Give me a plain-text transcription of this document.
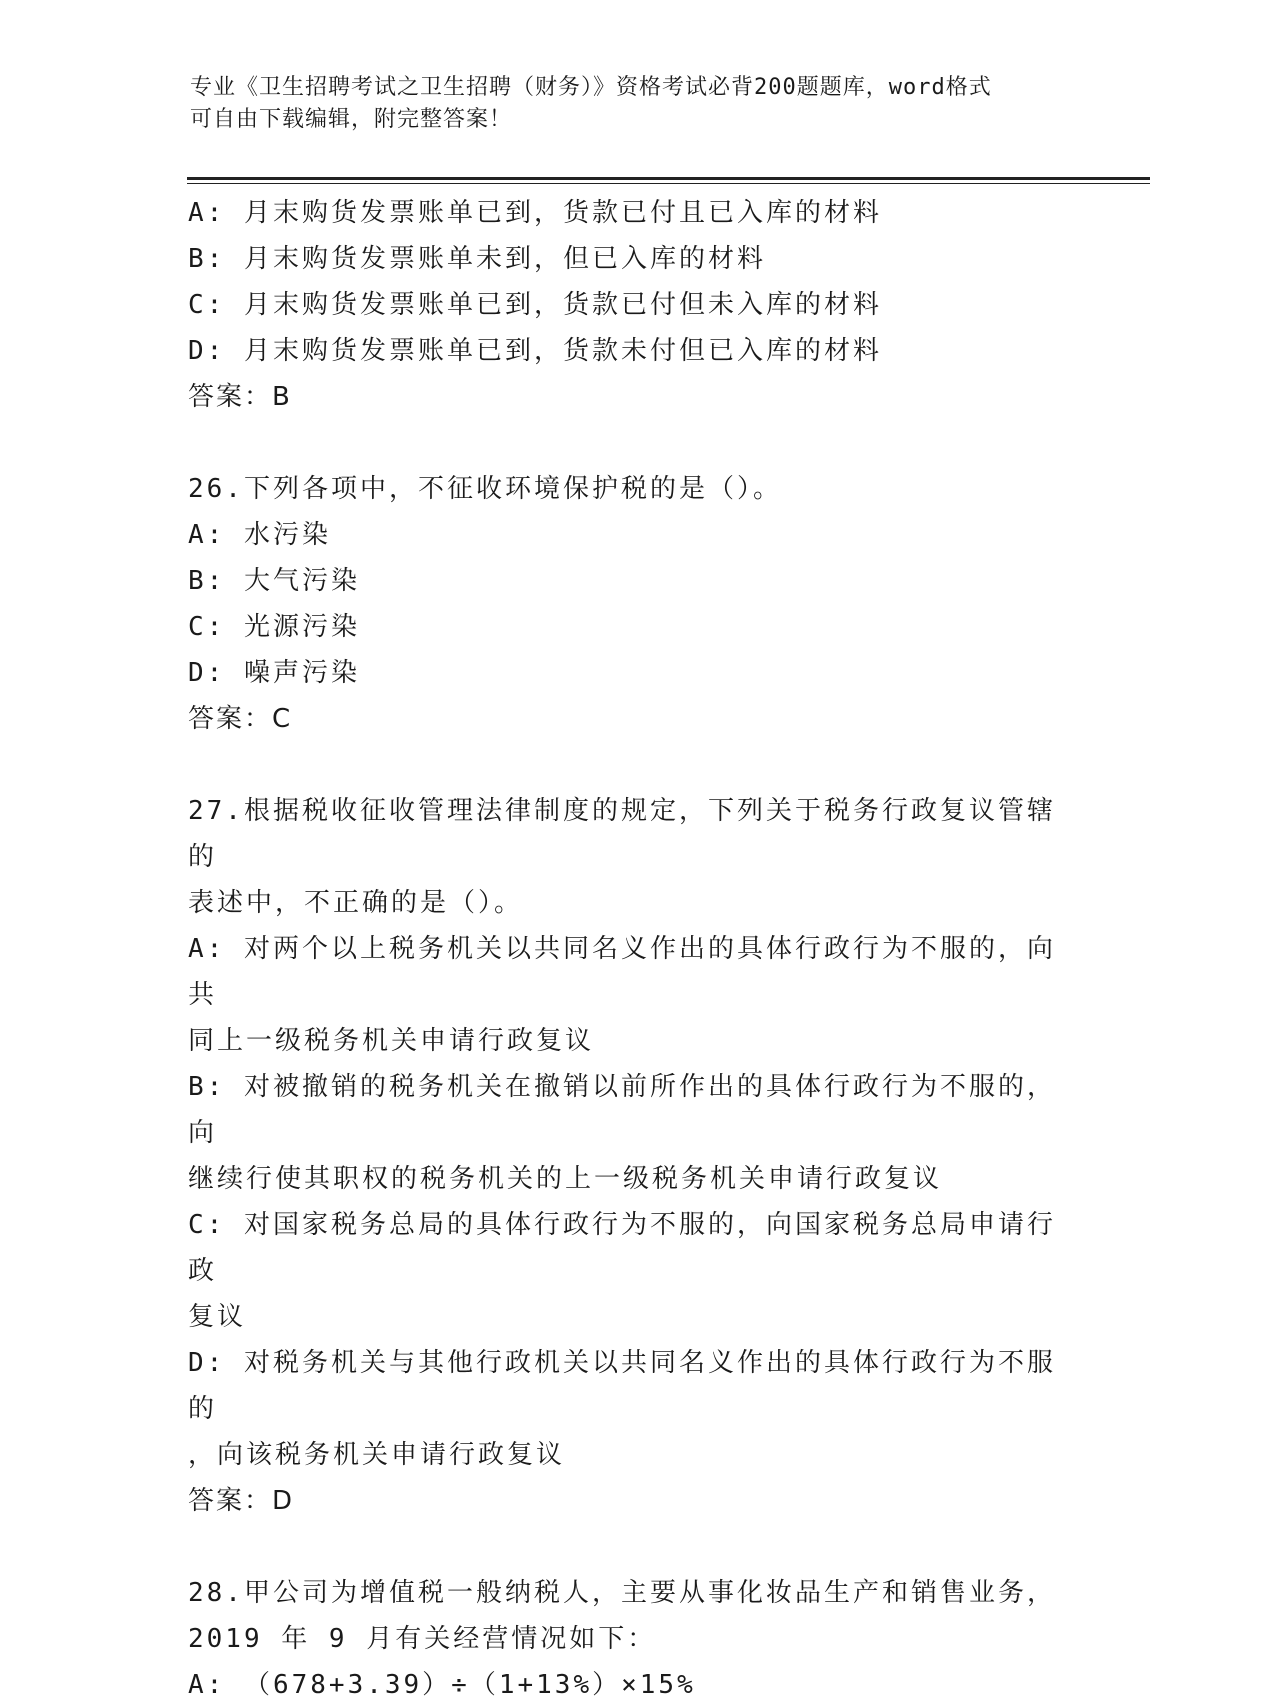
专业《卫生招聘考试之卫生招聘（财务）》资格考试必背200题题库，word格式
可自由下载编辑，附完整答案！
A: 月末购货发票账单已到，货款已付且已入库的材料
B: 月末购货发票账单未到，但已入库的材料
C: 月末购货发票账单已到，货款已付但未入库的材料
D: 月末购货发票账单已到，货款未付但已入库的材料
答案：B
26.下列各项中，不征收环境保护税的是（）。
A: 水污染
B: 大气污染
C: 光源污染
D: 噪声污染
答案：C
27.根据税收征收管理法律制度的规定，下列关于税务行政复议管辖的
表述中，不正确的是（）。
A: 对两个以上税务机关以共同名义作出的具体行政行为不服的，向共
同上一级税务机关申请行政复议
B: 对被撤销的税务机关在撤销以前所作出的具体行政行为不服的，向
继续行使其职权的税务机关的上一级税务机关申请行政复议
C: 对国家税务总局的具体行政行为不服的，向国家税务总局申请行政
复议
D: 对税务机关与其他行政机关以共同名义作出的具体行政行为不服的
，向该税务机关申请行政复议
答案：D
28.甲公司为增值税一般纳税人，主要从事化妆品生产和销售业务，
2019 年 9 月有关经营情况如下：
A: （678+3.39）÷（1+13%）×15%
